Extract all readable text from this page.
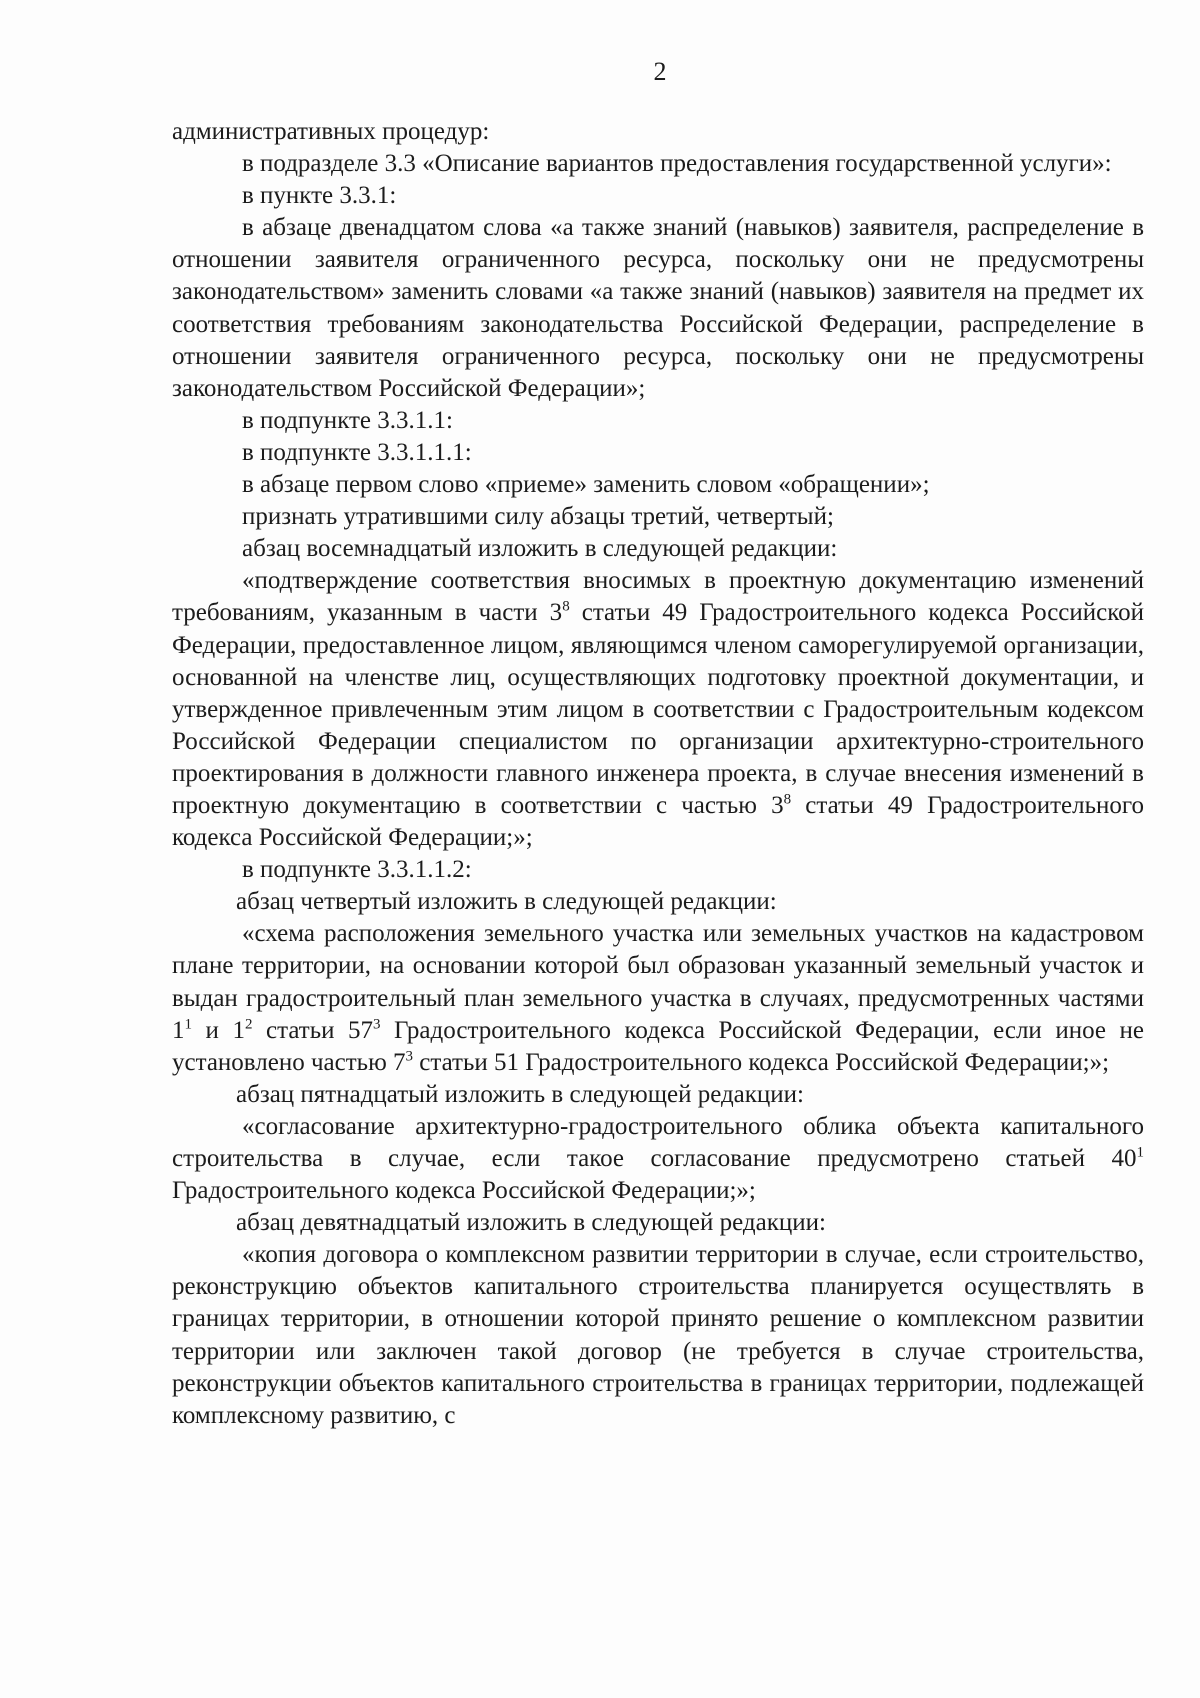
2

административных процедур:

в подразделе 3.3 «Описание вариантов предоставления государственной услуги»:

в пункте 3.3.1:

в абзаце двенадцатом слова «а также знаний (навыков) заявителя, распределение в отношении заявителя ограниченного ресурса, поскольку они не предусмотрены законодательством» заменить словами «а также знаний (навыков) заявителя на предмет их соответствия требованиям законодательства Российской Федерации, распределение в отношении заявителя ограниченного ресурса, поскольку они не предусмотрены законодательством Российской Федерации»;

в подпункте 3.3.1.1:

в подпункте 3.3.1.1.1:

в абзаце первом слово «приеме» заменить словом «обращении»;

признать утратившими силу абзацы третий, четвертый;

абзац восемнадцатый изложить в следующей редакции:

«подтверждение соответствия вносимых в проектную документацию изменений требованиям, указанным в части $3^8$ статьи 49 Градостроительного кодекса Российской Федерации, предоставленное лицом, являющимся членом саморегулируемой организации, основанной на членстве лиц, осуществляющих подготовку проектной документации, и утвержденное привлеченным этим лицом в соответствии с Градостроительным кодексом Российской Федерации специалистом по организации архитектурно-строительного проектирования в должности главного инженера проекта, в случае внесения изменений в проектную документацию в соответствии с частью $3^8$ статьи 49 Градостроительного кодекса Российской Федерации;»;

в подпункте 3.3.1.1.2:

абзац четвертый изложить в следующей редакции:

«схема расположения земельного участка или земельных участков на кадастровом плане территории, на основании которой был образован указанный земельный участок и выдан градостроительный план земельного участка в случаях, предусмотренных частями $1^1$ и $1^2$ статьи $57^3$ Градостроительного кодекса Российской Федерации, если иное не установлено частью $7^3$ статьи 51 Градостроительного кодекса Российской Федерации;»;

абзац пятнадцатый изложить в следующей редакции:

«согласование архитектурно-градостроительного облика объекта капитального строительства в случае, если такое согласование предусмотрено статьей $40^1$ Градостроительного кодекса Российской Федерации;»;

абзац девятнадцатый изложить в следующей редакции:

«копия договора о комплексном развитии территории в случае, если строительство, реконструкцию объектов капитального строительства планируется осуществлять в границах территории, в отношении которой принято решение о комплексном развитии территории или заключен такой договор (не требуется в случае строительства, реконструкции объектов капитального строительства в границах территории, подлежащей комплексному развитию, с
